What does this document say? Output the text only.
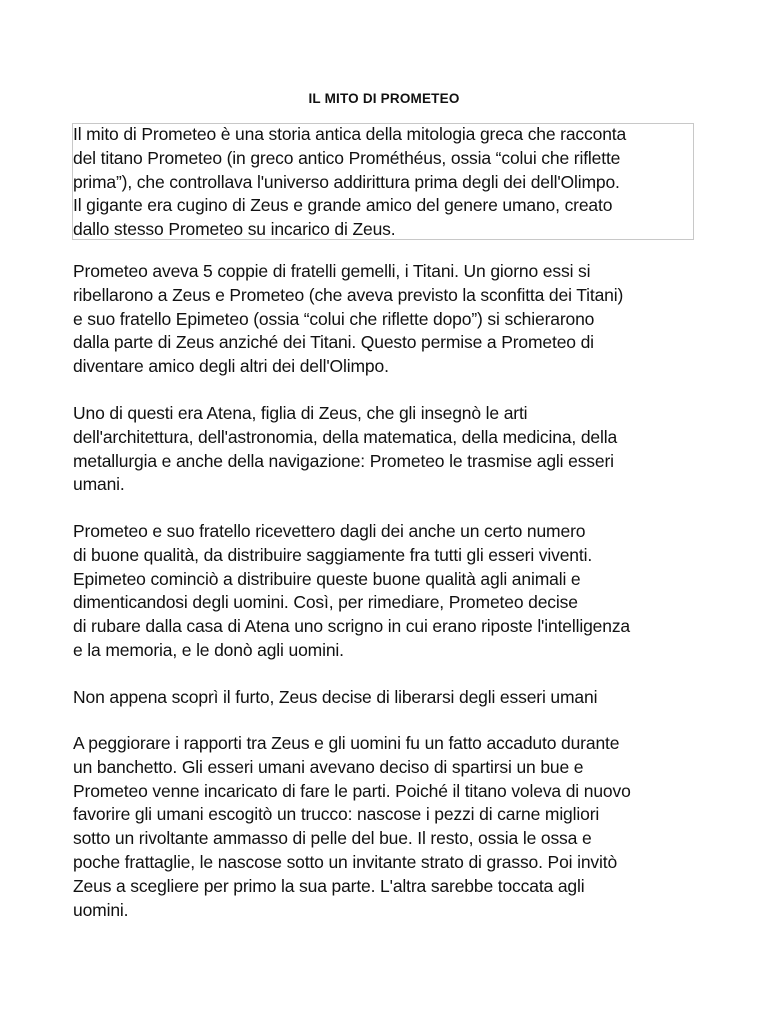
IL MITO DI PROMETEO
Il mito di Prometeo è una storia antica della mitologia greca che racconta
del titano Prometeo (in greco antico Prométhéus, ossia “colui che riflette
prima”), che controllava l'universo addirittura prima degli dei dell'Olimpo.
Il gigante era cugino di Zeus e grande amico del genere umano, creato
dallo stesso Prometeo su incarico di Zeus.
Prometeo aveva 5 coppie di fratelli gemelli, i Titani. Un giorno essi si
ribellarono a Zeus e Prometeo (che aveva previsto la sconfitta dei Titani)
e suo fratello Epimeteo (ossia “colui che riflette dopo”) si schierarono
dalla parte di Zeus anziché dei Titani. Questo permise a Prometeo di
diventare amico degli altri dei dell'Olimpo.
Uno di questi era Atena, figlia di Zeus, che gli insegnò le arti
dell'architettura, dell'astronomia, della matematica, della medicina, della
metallurgia e anche della navigazione: Prometeo le trasmise agli esseri
umani.
Prometeo e suo fratello ricevettero dagli dei anche un certo numero
di buone qualità, da distribuire saggiamente fra tutti gli esseri viventi.
Epimeteo cominciò a distribuire queste buone qualità agli animali e
dimenticandosi degli uomini. Così, per rimediare, Prometeo decise
di rubare dalla casa di Atena uno scrigno in cui erano riposte l'intelligenza
e la memoria, e le donò agli uomini.
Non appena scoprì il furto, Zeus decise di liberarsi degli esseri umani
A peggiorare i rapporti tra Zeus e gli uomini fu un fatto accaduto durante
un banchetto. Gli esseri umani avevano deciso di spartirsi un bue e
Prometeo venne incaricato di fare le parti. Poiché il titano voleva di nuovo
favorire gli umani escogitò un trucco: nascose i pezzi di carne migliori
sotto un rivoltante ammasso di pelle del bue. Il resto, ossia le ossa e
poche frattaglie, le nascose sotto un invitante strato di grasso. Poi invitò
Zeus a scegliere per primo la sua parte. L'altra sarebbe toccata agli
uomini.
